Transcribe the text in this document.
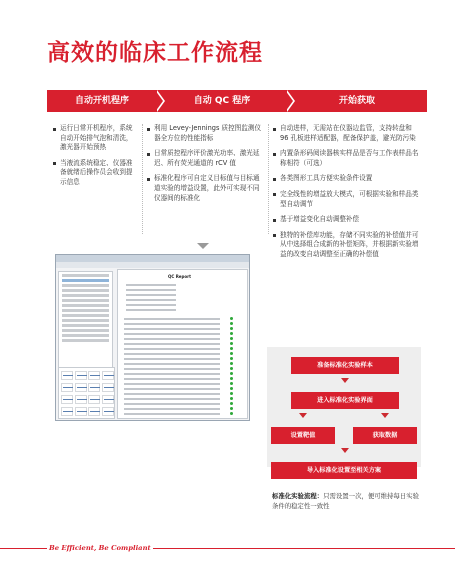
高效的临床工作流程
自动开机程序	自动 QC 程序	开始获取
运行日常开机程序，系统自动开始排气泡和清洗，激光器开始预热
当液流系统稳定、仪器准备就绪后操作员会收到提示信息
利用 Levey-Jennings 质控图监测仪器全方位的性能指标
日常质控程序评价激光功率、激光延迟、所有荧光通道的 rCV 值
标准化程序可自定义目标值与目标通道实验的增益设置，此外可实现不同仪器间的标准化
自动进样，无需站在仪器边监管，支持转盘和 96 孔板进样适配器，配备保护盖，避光防污染
内置条形码阅读器核实样品是否与工作表样品名称相符（可选）
各类图形工具方便实验条件设置
完全线性的增益放大模式，可根据实验和样品类型自动调节
基于增益变化自动调整补偿
独特的补偿库功能，存储不同实验的补偿值并可从中选择组合成新的补偿矩阵，并根据新实验增益的改变自动调整至正确的补偿值
QC Report
准备标准化实验样本
进入标准化实验界面
设置靶值	获取数据
导入标准化设置至相关方案
标准化实验流程：只需设置一次，便可维持每日实验条件的稳定性一致性
Be Efficient, Be Compliant
